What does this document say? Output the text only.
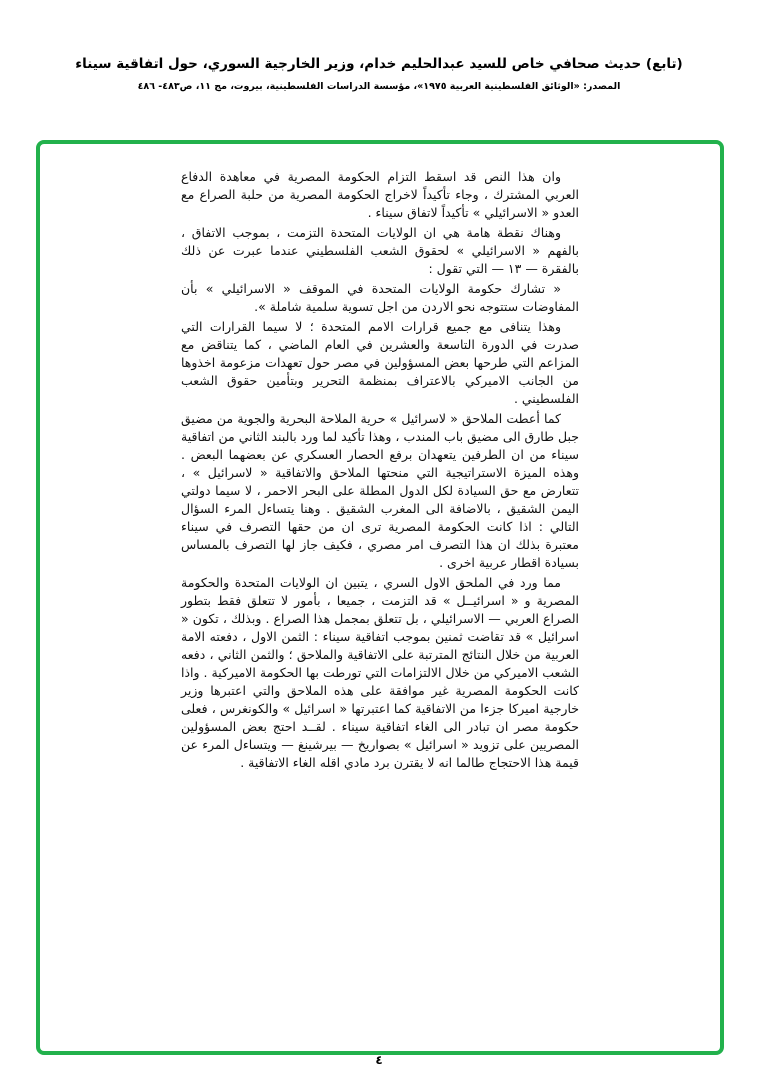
(تابع) حديث صحافي خاص للسيد عبدالحليم خدام، وزير الخارجية السوري، حول اتفاقية سيناء
المصدر: «الوثائق الفلسطينية العربية ١٩٧٥»، مؤسسة الدراسات الفلسطينية، بيروت، مج ١١، ص٤٨٣- ٤٨٦

وان هذا النص قد اسقط التزام الحكومة المصرية في معاهدة الدفاع العربي المشترك ، وجاء تأكيداً لاخراج الحكومة المصرية من حلبة الصراع مع العدو « الاسرائيلي » تأكيداً لاتفاق سيناء .

وهناك نقطة هامة هي ان الولايات المتحدة التزمت ، بموجب الاتفاق ، بالفهم « الاسرائيلي » لحقوق الشعب الفلسطيني عندما عبرت عن ذلك بالفقرة — ١٣ — التي تقول :

« تشارك حكومة الولايات المتحدة في الموقف « الاسرائيلي » بأن المفاوضات ستتوجه نحو الاردن من اجل تسوية سلمية شاملة ».

وهذا يتنافى مع جميع قرارات الامم المتحدة ؛ لا سيما القرارات التي صدرت في الدورة التاسعة والعشرين في العام الماضي ، كما يتناقض مع المزاعم التي طرحها بعض المسؤولين في مصر حول تعهدات مزعومة اخذوها من الجانب الاميركي بالاعتراف بمنظمة التحرير وبتأمين حقوق الشعب الفلسطيني .

كما أعطت الملاحق « لاسرائيل » حرية الملاحة البحرية والجوية من مضيق جبل طارق الى مضيق باب المندب ، وهذا تأكيد لما ورد بالبند الثاني من اتفاقية سيناء من ان الطرفين يتعهدان برفع الحصار العسكري عن بعضهما البعض . وهذه الميزة الاستراتيجية التي منحتها الملاحق والاتفاقية « لاسرائيل » ، تتعارض مع حق السيادة لكل الدول المطلة على البحر الاحمر ، لا سيما دولتي اليمن الشقيق ، بالاضافة الى المغرب الشقيق . وهنا يتساءل المرء السؤال التالي : اذا كانت الحكومة المصرية ترى ان من حقها التصرف في سيناء معتبرة بذلك ان هذا التصرف امر مصري ، فكيف جاز لها التصرف بالمساس بسيادة اقطار عربية اخرى .

مما ورد في الملحق الاول السري ، يتبين ان الولايات المتحدة والحكومة المصرية و « اسرائيــل » قد التزمت ، جميعا ، بأمور لا تتعلق فقط بتطور الصراع العربي — الاسرائيلي ، بل تتعلق بمجمل هذا الصراع . وبذلك ، تكون « اسرائيل » قد تقاضت ثمنين بموجب اتفاقية سيناء : الثمن الاول ، دفعته الامة العربية من خلال النتائج المترتبة على الاتفاقية والملاحق ؛ والثمن الثاني ، دفعه الشعب الاميركي من خلال الالتزامات التي تورطت بها الحكومة الاميركية . واذا كانت الحكومة المصرية غير موافقة على هذه الملاحق والتي اعتبرها وزير خارجية اميركا جزءا من الاتفاقية كما اعتبرتها « اسرائيل » والكونغرس ، فعلى حكومة مصر ان تبادر الى الغاء اتفاقية سيناء . لقــد احتج بعض المسؤولين المصريين على تزويد « اسرائيل » بصواريخ — بيرشينغ — ويتساءل المرء عن قيمة هذا الاحتجاج طالما انه لا يقترن برد مادي اقله الغاء الاتفاقية .

٤
